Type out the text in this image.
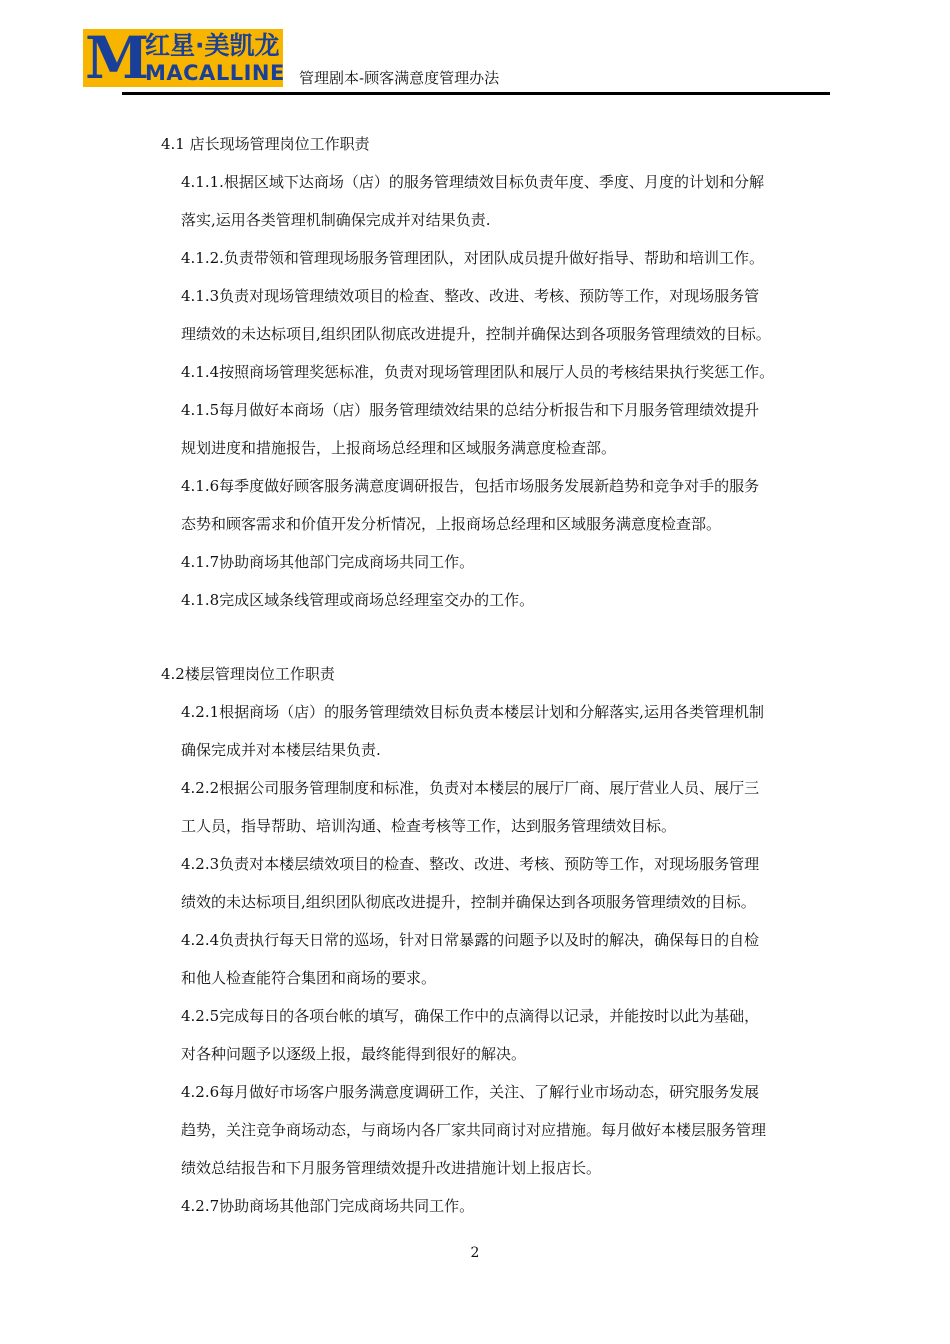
M
红星·美凯龙
MACALLINE 管理剧本-顾客满意度管理办法
4.1 店长现场管理岗位工作职责
4.1.1.根据区域下达商场（店）的服务管理绩效目标负责年度、季度、月度的计划和分解
落实,运用各类管理机制确保完成并对结果负责.
4.1.2.负责带领和管理现场服务管理团队，对团队成员提升做好指导、帮助和培训工作。
4.1.3负责对现场管理绩效项目的检查、整改、改进、考核、预防等工作，对现场服务管
理绩效的未达标项目,组织团队彻底改进提升，控制并确保达到各项服务管理绩效的目标。
4.1.4按照商场管理奖惩标准，负责对现场管理团队和展厅人员的考核结果执行奖惩工作。
4.1.5每月做好本商场（店）服务管理绩效结果的总结分析报告和下月服务管理绩效提升
规划进度和措施报告，上报商场总经理和区域服务满意度检查部。
4.1.6每季度做好顾客服务满意度调研报告，包括市场服务发展新趋势和竞争对手的服务
态势和顾客需求和价值开发分析情况，上报商场总经理和区域服务满意度检查部。
4.1.7协助商场其他部门完成商场共同工作。
4.1.8完成区域条线管理或商场总经理室交办的工作。
4.2楼层管理岗位工作职责
4.2.1根据商场（店）的服务管理绩效目标负责本楼层计划和分解落实,运用各类管理机制
确保完成并对本楼层结果负责.
4.2.2根据公司服务管理制度和标准，负责对本楼层的展厅厂商、展厅营业人员、展厅三
工人员，指导帮助、培训沟通、检查考核等工作，达到服务管理绩效目标。
4.2.3负责对本楼层绩效项目的检查、整改、改进、考核、预防等工作，对现场服务管理
绩效的未达标项目,组织团队彻底改进提升，控制并确保达到各项服务管理绩效的目标。
4.2.4负责执行每天日常的巡场，针对日常暴露的问题予以及时的解决，确保每日的自检
和他人检查能符合集团和商场的要求。
4.2.5完成每日的各项台帐的填写，确保工作中的点滴得以记录，并能按时以此为基础，
对各种问题予以逐级上报，最终能得到很好的解决。
4.2.6每月做好市场客户服务满意度调研工作，关注、了解行业市场动态，研究服务发展
趋势，关注竞争商场动态，与商场内各厂家共同商讨对应措施。每月做好本楼层服务管理
绩效总结报告和下月服务管理绩效提升改进措施计划上报店长。
4.2.7协助商场其他部门完成商场共同工作。
2
